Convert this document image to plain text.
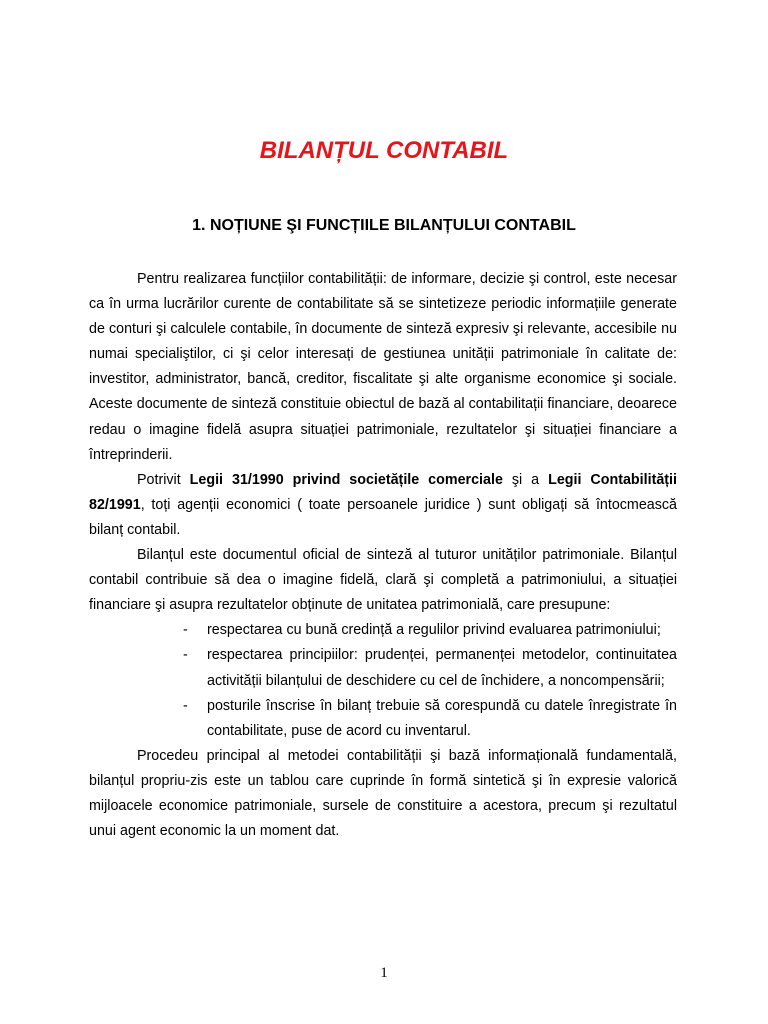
BILANȚUL CONTABIL
1. NOȚIUNE ŞI FUNCȚIILE BILANȚULUI CONTABIL

Pentru realizarea funcțiilor contabilității: de informare, decizie şi control, este necesar ca în urma lucrărilor curente de contabilitate să se sintetizeze periodic informațiile generate de conturi şi calculele contabile, în documente de sinteză expresiv şi relevante, accesibile nu numai specialiştilor, ci şi celor interesați de gestiunea unității patrimoniale în calitate de: investitor, administrator, bancă, creditor, fiscalitate şi alte organisme economice şi sociale. Aceste documente de sinteză constituie obiectul de bază al contabilitații financiare, deoarece redau o imagine fidelă asupra situației patrimoniale, rezultatelor şi situației financiare a întreprinderii.

Potrivit Legii 31/1990 privind societățile comerciale şi a Legii Contabilității 82/1991, toți agenții economici ( toate persoanele juridice ) sunt obligați să întocmească bilanț contabil.

Bilanțul este documentul oficial de sinteză al tuturor unităților patrimoniale. Bilanțul contabil contribuie să dea o imagine fidelă, clară şi completă a patrimoniului, a situației financiare şi asupra rezultatelor obținute de unitatea patrimonială, care presupune:

- respectarea cu bună credință a regulilor privind evaluarea patrimoniului;
- respectarea principiilor: prudenței, permanenței metodelor, continuitatea activității bilanțului de deschidere cu cel de închidere, a noncompensării;
- posturile înscrise în bilanț trebuie să corespundă cu datele înregistrate în contabilitate, puse de acord cu inventarul.

Procedeu principal al metodei contabilității şi bază informațională fundamentală, bilanțul propriu-zis este un tablou care cuprinde în formă sintetică şi în expresie valorică mijloacele economice patrimoniale, sursele de constituire a acestora, precum şi rezultatul unui agent economic la un moment dat.

1
